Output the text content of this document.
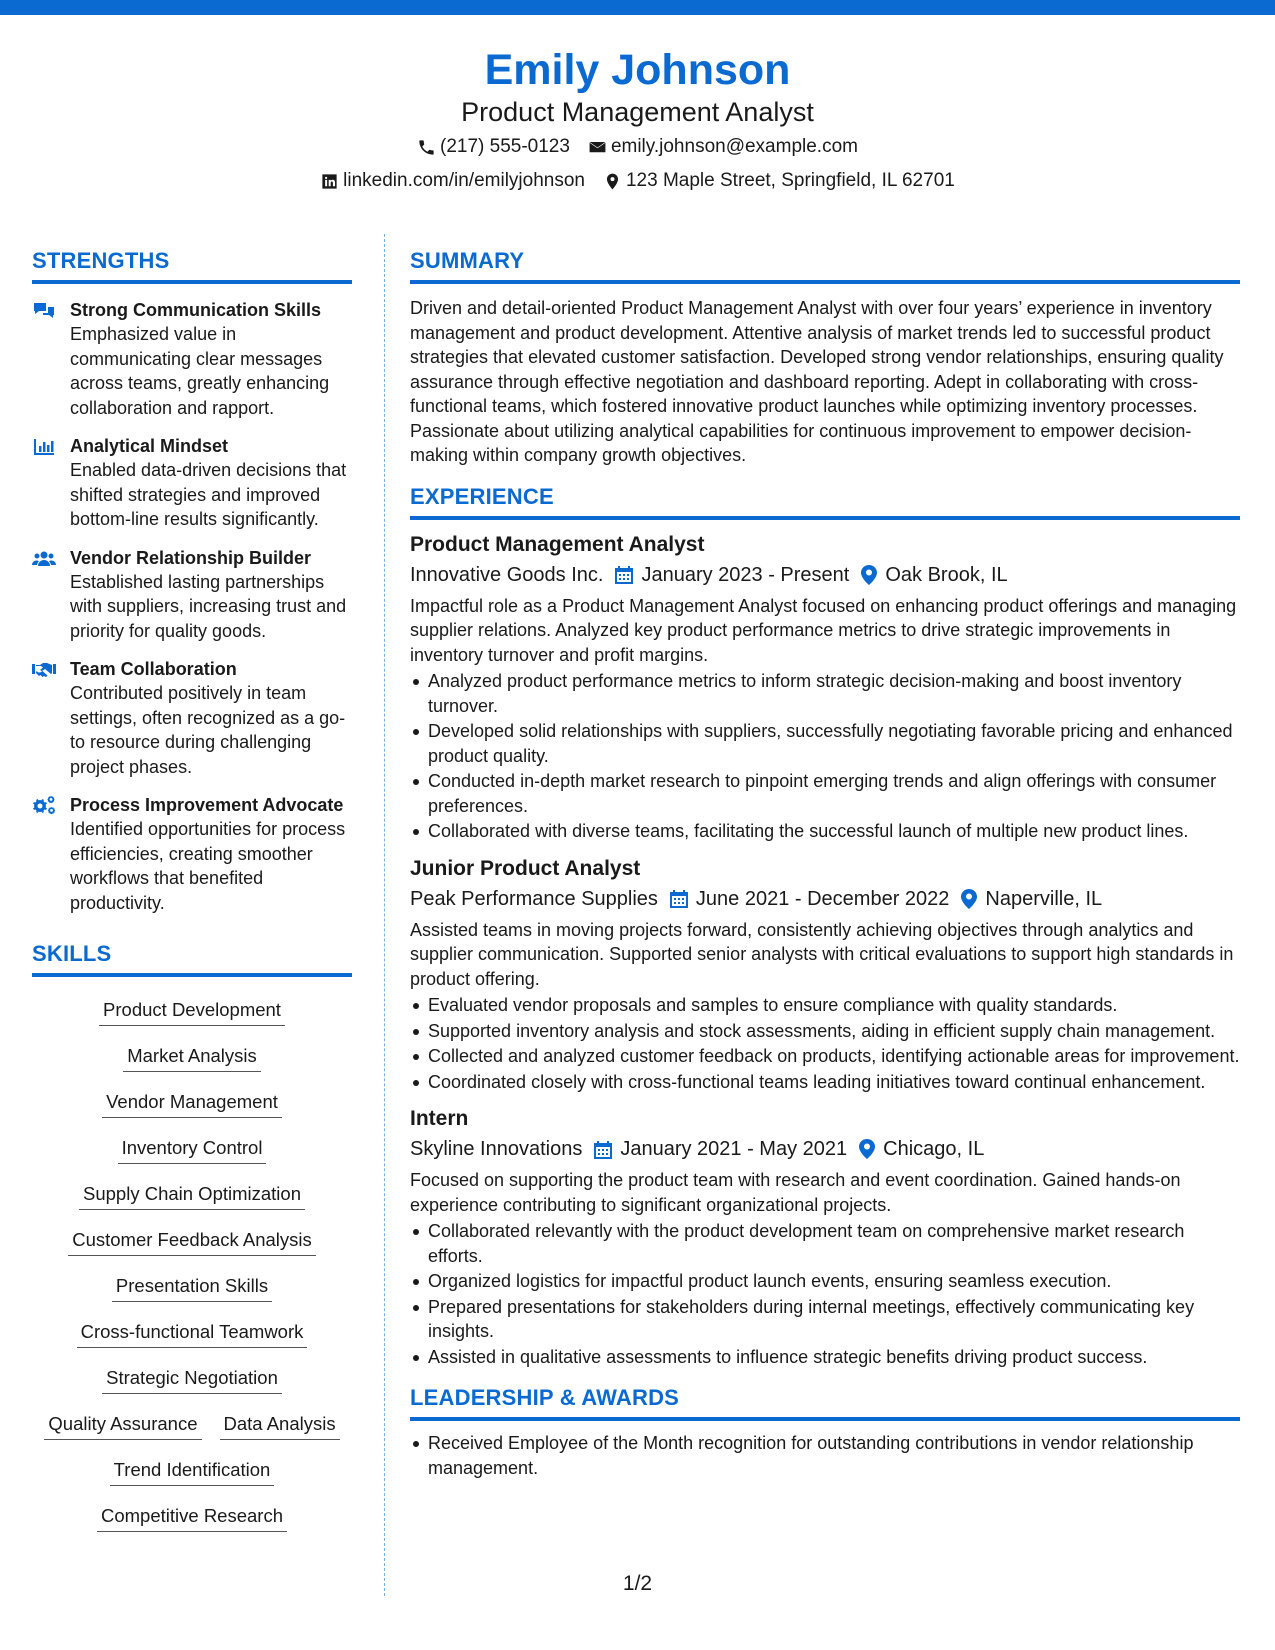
Emily Johnson
Product Management Analyst
(217) 555-0123 emily.johnson@example.com
linkedin.com/in/emilyjohnson 123 Maple Street, Springfield, IL 62701
STRENGTHS
Strong Communication Skills
Emphasized value in communicating clear messages across teams, greatly enhancing collaboration and rapport.
Analytical Mindset
Enabled data-driven decisions that shifted strategies and improved bottom-line results significantly.
Vendor Relationship Builder
Established lasting partnerships with suppliers, increasing trust and priority for quality goods.
Team Collaboration
Contributed positively in team settings, often recognized as a go-to resource during challenging project phases.
Process Improvement Advocate
Identified opportunities for process efficiencies, creating smoother workflows that benefited productivity.
SKILLS
Product Development
Market Analysis
Vendor Management
Inventory Control
Supply Chain Optimization
Customer Feedback Analysis
Presentation Skills
Cross-functional Teamwork
Strategic Negotiation
Quality Assurance Data Analysis
Trend Identification
Competitive Research
SUMMARY
Driven and detail-oriented Product Management Analyst with over four years’ experience in inventory management and product development. Attentive analysis of market trends led to successful product strategies that elevated customer satisfaction. Developed strong vendor relationships, ensuring quality assurance through effective negotiation and dashboard reporting. Adept in collaborating with cross-functional teams, which fostered innovative product launches while optimizing inventory processes. Passionate about utilizing analytical capabilities for continuous improvement to empower decision-making within company growth objectives.
EXPERIENCE
Product Management Analyst
Innovative Goods Inc. January 2023 - Present Oak Brook, IL
Impactful role as a Product Management Analyst focused on enhancing product offerings and managing supplier relations. Analyzed key product performance metrics to drive strategic improvements in inventory turnover and profit margins.
Analyzed product performance metrics to inform strategic decision-making and boost inventory turnover.
Developed solid relationships with suppliers, successfully negotiating favorable pricing and enhanced product quality.
Conducted in-depth market research to pinpoint emerging trends and align offerings with consumer preferences.
Collaborated with diverse teams, facilitating the successful launch of multiple new product lines.
Junior Product Analyst
Peak Performance Supplies June 2021 - December 2022 Naperville, IL
Assisted teams in moving projects forward, consistently achieving objectives through analytics and supplier communication. Supported senior analysts with critical evaluations to support high standards in product offering.
Evaluated vendor proposals and samples to ensure compliance with quality standards.
Supported inventory analysis and stock assessments, aiding in efficient supply chain management.
Collected and analyzed customer feedback on products, identifying actionable areas for improvement.
Coordinated closely with cross-functional teams leading initiatives toward continual enhancement.
Intern
Skyline Innovations January 2021 - May 2021 Chicago, IL
Focused on supporting the product team with research and event coordination. Gained hands-on experience contributing to significant organizational projects.
Collaborated relevantly with the product development team on comprehensive market research efforts.
Organized logistics for impactful product launch events, ensuring seamless execution.
Prepared presentations for stakeholders during internal meetings, effectively communicating key insights.
Assisted in qualitative assessments to influence strategic benefits driving product success.
LEADERSHIP & AWARDS
Received Employee of the Month recognition for outstanding contributions in vendor relationship management.
1/2
